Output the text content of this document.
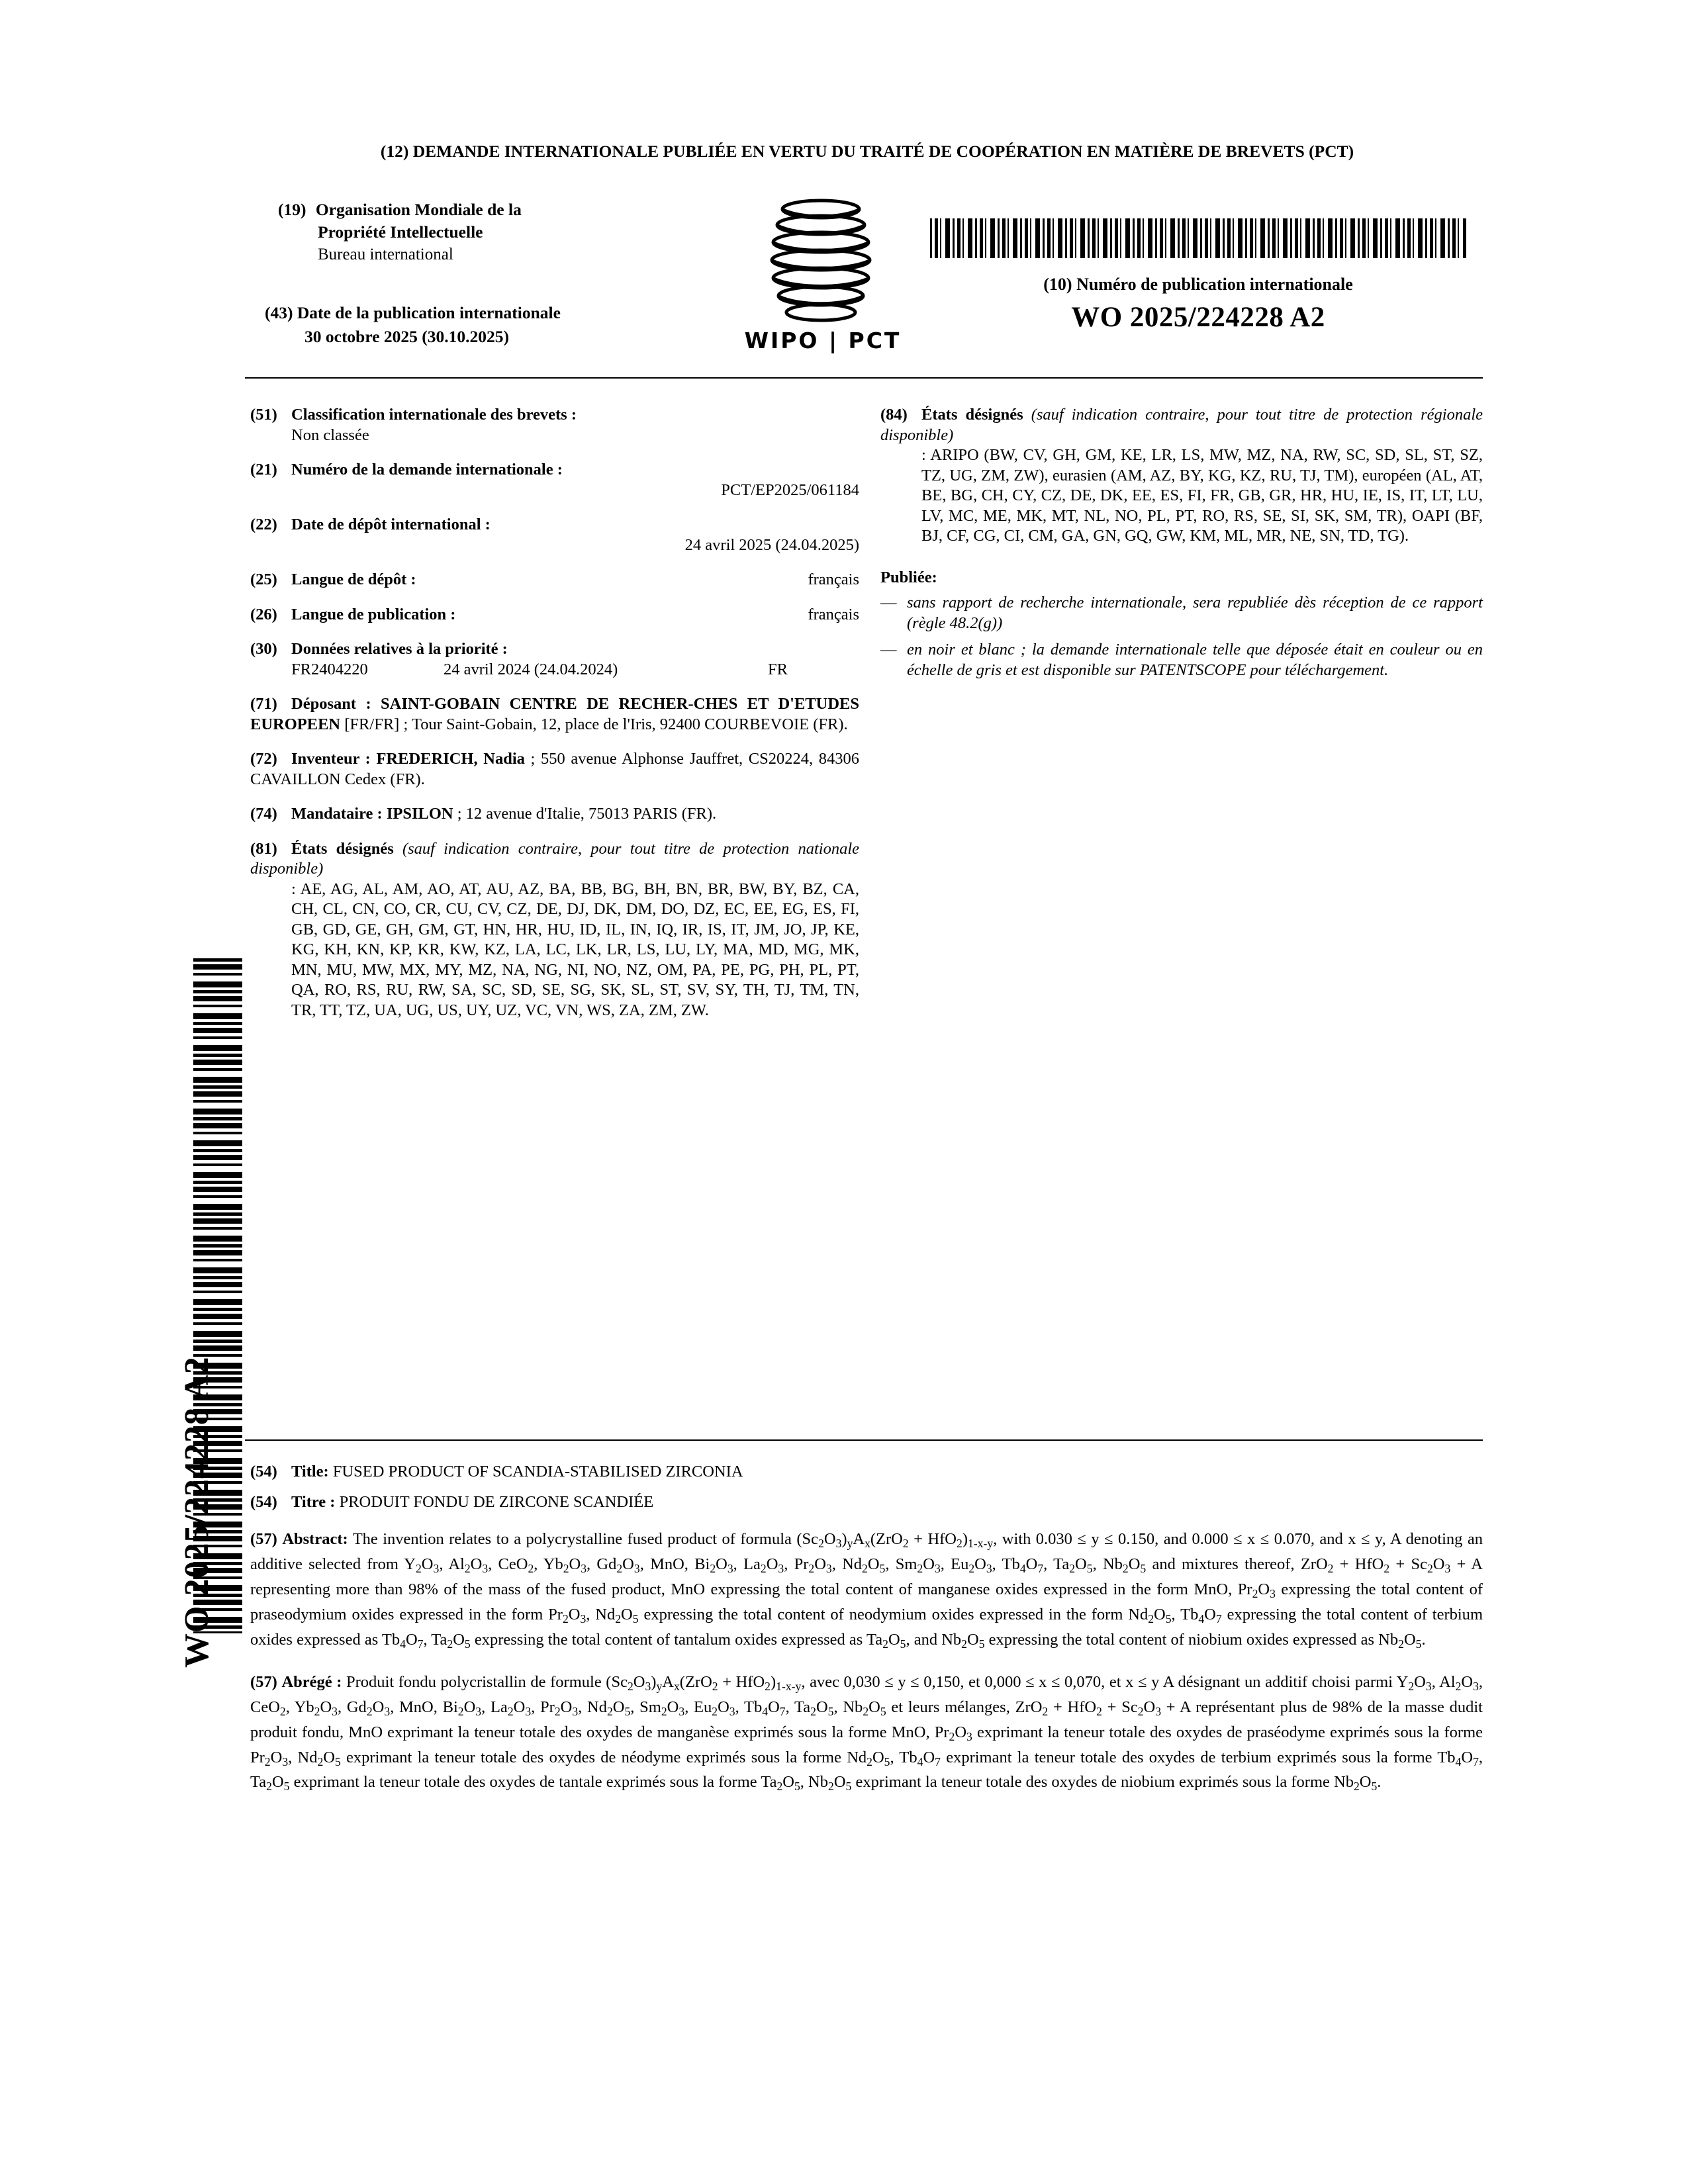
WO 2025/224228 A2
(12) DEMANDE INTERNATIONALE PUBLIÉE EN VERTU DU TRAITÉ DE COOPÉRATION EN MATIÈRE DE BREVETS (PCT)
(19) Organisation Mondiale de la
Propriété Intellectuelle
Bureau international
(43) Date de la publication internationale
30 octobre 2025 (30.10.2025)	WIPO | PCT
(10) Numéro de publication internationale
WO 2025/224228 A2
(51) Classification internationale des brevets :
Non classée
(21) Numéro de la demande internationale :
PCT/EP2025/061184
(22) Date de dépôt international :
24 avril 2025 (24.04.2025)
(25) Langue de dépôt :	français
(26) Langue de publication :	français
(30) Données relatives à la priorité :
FR2404220	24 avril 2024 (24.04.2024)	FR
(71) Déposant : SAINT-GOBAIN CENTRE DE RECHER-CHES ET D'ETUDES EUROPEEN [FR/FR] ; Tour Saint-Gobain, 12, place de l'Iris, 92400 COURBEVOIE (FR).
(72) Inventeur : FREDERICH, Nadia ; 550 avenue Alphonse Jauffret, CS20224, 84306 CAVAILLON Cedex (FR).
(74) Mandataire : IPSILON ; 12 avenue d'Italie, 75013 PARIS (FR).
(81) États désignés (sauf indication contraire, pour tout titre de protection nationale disponible)
: AE, AG, AL, AM, AO, AT, AU, AZ, BA, BB, BG, BH, BN, BR, BW, BY, BZ, CA, CH, CL, CN, CO, CR, CU, CV, CZ, DE, DJ, DK, DM, DO, DZ, EC, EE, EG, ES, FI, GB, GD, GE, GH, GM, GT, HN, HR, HU, ID, IL, IN, IQ, IR, IS, IT, JM, JO, JP, KE, KG, KH, KN, KP, KR, KW, KZ, LA, LC, LK, LR, LS, LU, LY, MA, MD, MG, MK, MN, MU, MW, MX, MY, MZ, NA, NG, NI, NO, NZ, OM, PA, PE, PG, PH, PL, PT, QA, RO, RS, RU, RW, SA, SC, SD, SE, SG, SK, SL, ST, SV, SY, TH, TJ, TM, TN, TR, TT, TZ, UA, UG, US, UY, UZ, VC, VN, WS, ZA, ZM, ZW.
(84) États désignés (sauf indication contraire, pour tout titre de protection régionale disponible)
: ARIPO (BW, CV, GH, GM, KE, LR, LS, MW, MZ, NA, RW, SC, SD, SL, ST, SZ, TZ, UG, ZM, ZW), eurasien (AM, AZ, BY, KG, KZ, RU, TJ, TM), européen (AL, AT, BE, BG, CH, CY, CZ, DE, DK, EE, ES, FI, FR, GB, GR, HR, HU, IE, IS, IT, LT, LU, LV, MC, ME, MK, MT, NL, NO, PL, PT, RO, RS, SE, SI, SK, SM, TR), OAPI (BF, BJ, CF, CG, CI, CM, GA, GN, GQ, GW, KM, ML, MR, NE, SN, TD, TG).
Publiée:
— sans rapport de recherche internationale, sera republiée dès réception de ce rapport (règle 48.2(g))
— en noir et blanc ; la demande internationale telle que déposée était en couleur ou en échelle de gris et est disponible sur PATENTSCOPE pour téléchargement.
(54) Title: FUSED PRODUCT OF SCANDIA-STABILISED ZIRCONIA
(54) Titre : PRODUIT FONDU DE ZIRCONE SCANDIÉE
(57) Abstract: The invention relates to a polycrystalline fused product of formula $(Sc_2O_3)_yA_x(ZrO_2 + HfO_2)_{1-x-y}$, with 0.030 ≤ y ≤ 0.150, and 0.000 ≤ x ≤ 0.070, and x ≤ y, A denoting an additive selected from $Y_2O_3$, $Al_2O_3$, CeO$_2$, $Yb_2O_3$, $Gd_2O_3$, MnO, $Bi_2O_3$, $La_2O_3$, $Pr_2O_3$, $Nd_2O_5$, $Sm_2O_3$, $Eu_2O_3$, $Tb_4O_7$, $Ta_2O_5$, $Nb_2O_5$ and mixtures thereof, $ZrO_2 + HfO_2 + Sc_2O_3 + A$ representing more than 98% of the mass of the fused product, MnO expressing the total content of manganese oxides expressed in the form MnO, $Pr_2O_3$ expressing the total content of praseodymium oxides expressed in the form $Pr_2O_3$, $Nd_2O_5$ expressing the total content of neodymium oxides expressed in the form $Nd_2O_5$, $Tb_4O_7$ expressing the total content of terbium oxides expressed as $Tb_4O_7$, $Ta_2O_5$ expressing the total content of tantalum oxides expressed as $Ta_2O_5$, and $Nb_2O_5$ expressing the total content of niobium oxides expressed as $Nb_2O_5$.
(57) Abrégé : Produit fondu polycristallin de formule $(Sc_2O_3)_yA_x(ZrO_2 + HfO_2)_{1-x-y}$, avec 0,030 ≤ y ≤ 0,150, et 0,000 ≤ x ≤ 0,070, et x ≤ y A désignant un additif choisi parmi $Y_2O_3$, $Al_2O_3$, CeO$_2$, $Yb_2O_3$, $Gd_2O_3$, MnO, $Bi_2O_3$, $La_2O_3$, $Pr_2O_3$, $Nd_2O_5$, $Sm_2O_3$, $Eu_2O_3$, $Tb_4O_7$, $Ta_2O_5$, $Nb_2O_5$ et leurs mélanges, $ZrO_2 + HfO_2 + Sc_2O_3 + A$ représentant plus de 98% de la masse dudit produit fondu, MnO exprimant la teneur totale des oxydes de manganèse exprimés sous la forme MnO, $Pr_2O_3$ exprimant la teneur totale des oxydes de praséodyme exprimés sous la forme $Pr_2O_3$, $Nd_2O_5$ exprimant la teneur totale des oxydes de néodyme exprimés sous la forme $Nd_2O_5$, $Tb_4O_7$ exprimant la teneur totale des oxydes de terbium exprimés sous la forme $Tb_4O_7$, $Ta_2O_5$ exprimant la teneur totale des oxydes de tantale exprimés sous la forme $Ta_2O_5$, $Nb_2O_5$ exprimant la teneur totale des oxydes de niobium exprimés sous la forme $Nb_2O_5$.
